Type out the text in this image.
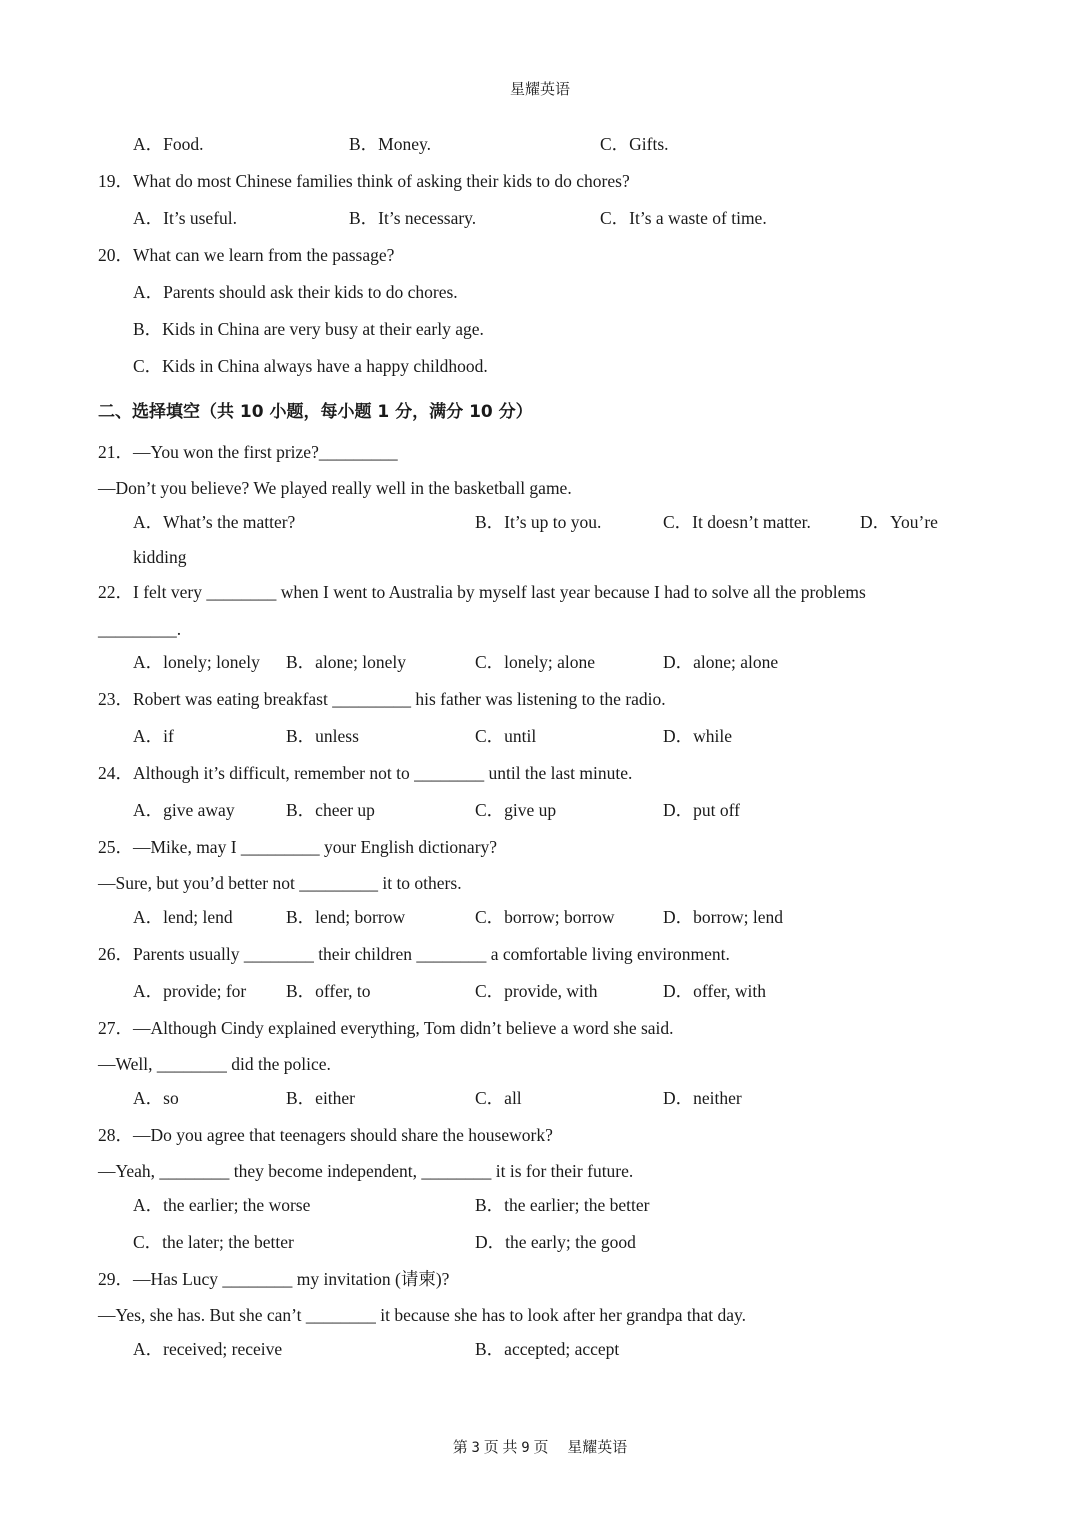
星耀英语
A．Food.	B．Money.	C．Gifts.
19．What do most Chinese families think of asking their kids to do chores?
A．It’s useful.	B．It’s necessary.	C．It’s a waste of time.
20．What can we learn from the passage?
A．Parents should ask their kids to do chores.
B．Kids in China are very busy at their early age.
C．Kids in China always have a happy childhood.
二、选择填空（共 10 小题，每小题 1 分，满分 10 分）
21．—You won the first prize?_________
—Don’t you believe? We played really well in the basketball game.
A．What’s the matter?	B．It’s up to you.	C．It doesn’t matter.	D．You’re
kidding
22．I felt very ________ when I went to Australia by myself last year because I had to solve all the problems
_________.
A．lonely; lonely B．alone; lonely	C．lonely; alone	D．alone; alone
23．Robert was eating breakfast _________ his father was listening to the radio.
A．if	B．unless	C．until	D．while
24．Although it’s difficult, remember not to ________ until the last minute.
A．give away	B．cheer up	C．give up	D．put off
25．—Mike, may I _________ your English dictionary?
—Sure, but you’d better not _________ it to others.
A．lend; lend	B．lend; borrow	C．borrow; borrow	D．borrow; lend
26．Parents usually ________ their children ________ a comfortable living environment.
A．provide; for B．offer, to	C．provide, with	D．offer, with
27．—Although Cindy explained everything, Tom didn’t believe a word she said.
—Well, ________ did the police.
A．so	B．either	C．all	D．neither
28．—Do you agree that teenagers should share the housework?
—Yeah, ________ they become independent, ________ it is for their future.
A．the earlier; the worse	B．the earlier; the better
C．the later; the better	D．the early; the good
29．—Has Lucy ________ my invitation (请柬)?
—Yes, she has. But she can’t ________ it because she has to look after her grandpa that day.
A．received; receive	B．accepted; accept
第 3 页 共 9 页 星耀英语
